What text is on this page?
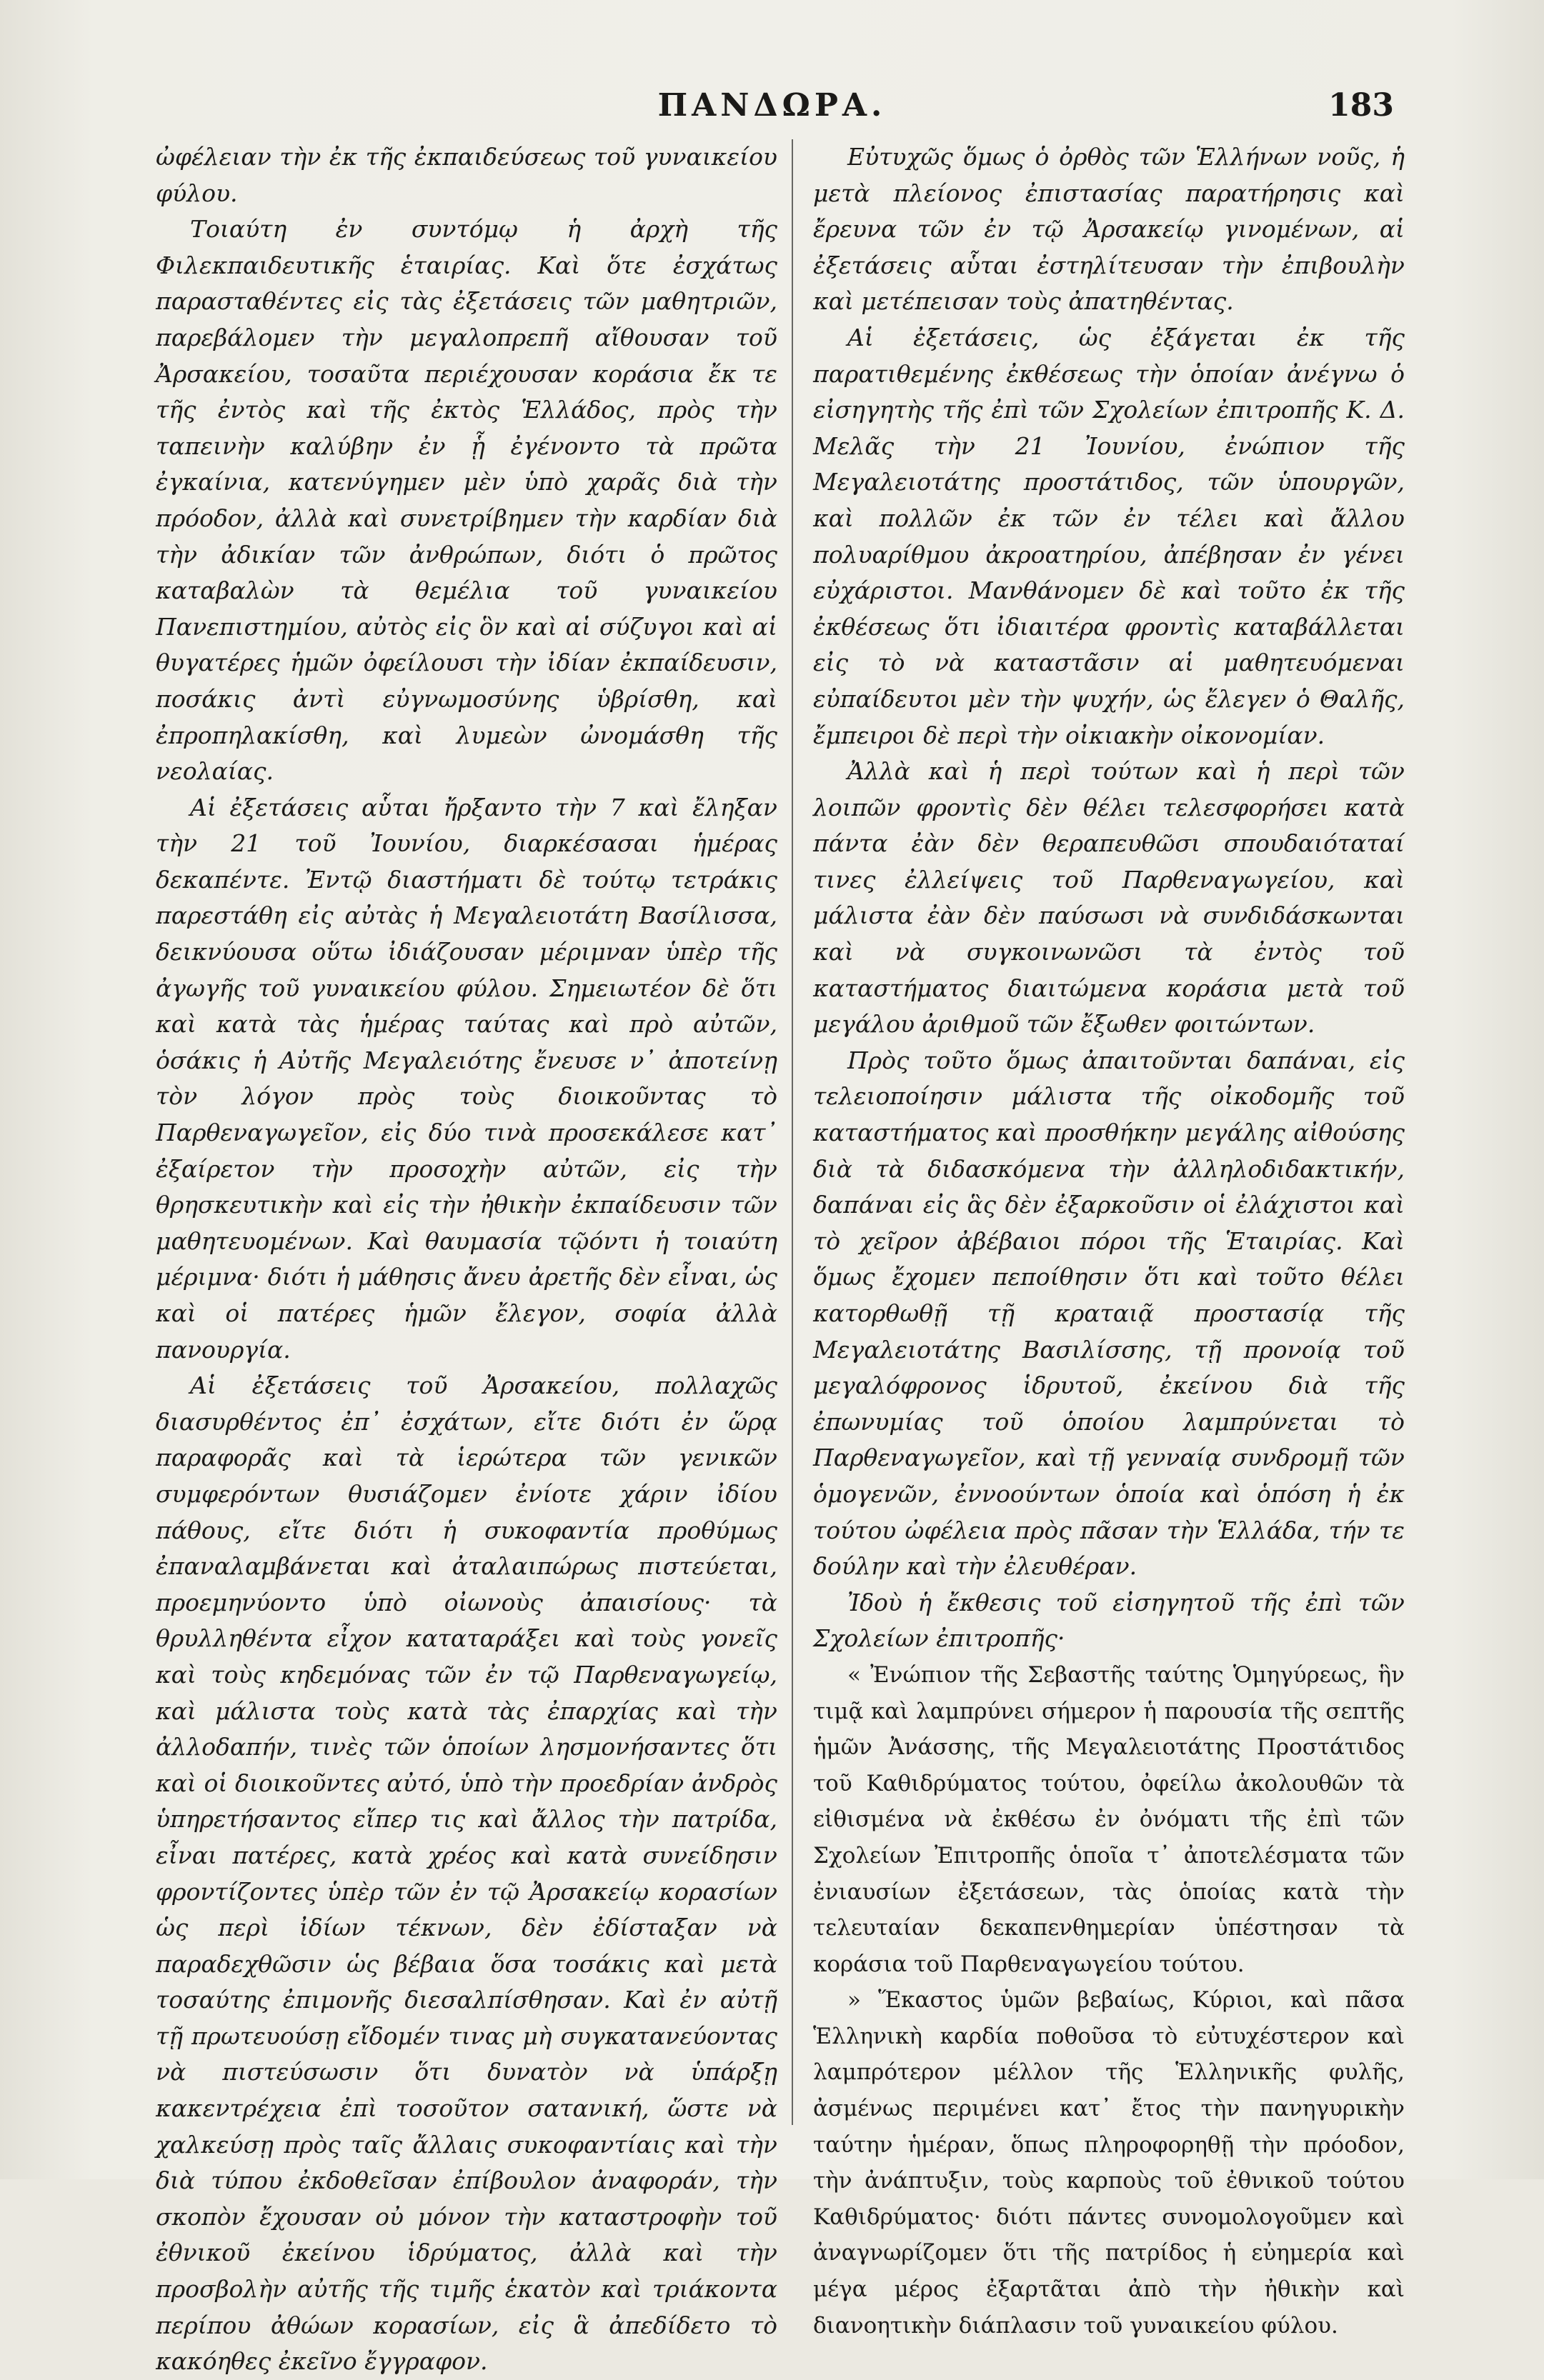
ΠΑΝΔΩΡΑ.	183

ὠφέλειαν τὴν ἐκ τῆς ἐκπαιδεύσεως τοῦ γυναικείου φύλου.

Τοιαύτη ἐν συντόμῳ ἡ ἀρχὴ τῆς Φιλεκπαιδευτικῆς ἑταιρίας. Καὶ ὅτε ἐσχάτως παρασταθέντες εἰς τὰς ἐξετάσεις τῶν μαθητριῶν, παρεβάλομεν τὴν μεγαλοπρεπῆ αἴθουσαν τοῦ Ἀρσακείου, τοσαῦτα περιέχουσαν κοράσια ἔκ τε τῆς ἐντὸς καὶ τῆς ἐκτὸς Ἑλλάδος, πρὸς τὴν ταπεινὴν καλύβην ἐν ᾗ ἐγένοντο τὰ πρῶτα ἐγκαίνια, κατενύγημεν μὲν ὑπὸ χαρᾶς διὰ τὴν πρόοδον, ἀλλὰ καὶ συνετρίβημεν τὴν καρδίαν διὰ τὴν ἀδικίαν τῶν ἀνθρώπων, διότι ὁ πρῶτος καταβαλὼν τὰ θεμέλια τοῦ γυναικείου Πανεπιστημίου, αὐτὸς εἰς ὃν καὶ αἱ σύζυγοι καὶ αἱ θυγατέρες ἡμῶν ὀφείλουσι τὴν ἰδίαν ἐκπαίδευσιν, ποσάκις ἀντὶ εὐγνωμοσύνης ὑβρίσθη, καὶ ἐπροπηλακίσθη, καὶ λυμεὼν ὠνομάσθη τῆς νεολαίας.

Αἱ ἐξετάσεις αὗται ἤρξαντο τὴν 7 καὶ ἔληξαν τὴν 21 τοῦ Ἰουνίου, διαρκέσασαι ἡμέρας δεκαπέντε. Ἐντῷ διαστήματι δὲ τούτῳ τετράκις παρεστάθη εἰς αὐτὰς ἡ Μεγαλειοτάτη Βασίλισσα, δεικνύουσα οὕτω ἰδιάζουσαν μέριμναν ὑπὲρ τῆς ἀγωγῆς τοῦ γυναικείου φύλου. Σημειωτέον δὲ ὅτι καὶ κατὰ τὰς ἡμέρας ταύτας καὶ πρὸ αὐτῶν, ὁσάκις ἡ Αὐτῆς Μεγαλειότης ἔνευσε ν᾽ ἀποτείνῃ τὸν λόγον πρὸς τοὺς διοικοῦντας τὸ Παρθεναγωγεῖον, εἰς δύο τινὰ προσεκάλεσε κατ᾽ ἐξαίρετον τὴν προσοχὴν αὐτῶν, εἰς τὴν θρησκευτικὴν καὶ εἰς τὴν ἠθικὴν ἐκπαίδευσιν τῶν μαθητευομένων. Καὶ θαυμασία τῷόντι ἡ τοιαύτη μέριμνα· διότι ἡ μάθησις ἄνευ ἀρετῆς δὲν εἶναι, ὡς καὶ οἱ πατέρες ἡμῶν ἔλεγον, σοφία ἀλλὰ πανουργία.

Αἱ ἐξετάσεις τοῦ Ἀρσακείου, πολλαχῶς διασυρθέντος ἐπ᾽ ἐσχάτων, εἴτε διότι ἐν ὥρᾳ παραφορᾶς καὶ τὰ ἱερώτερα τῶν γενικῶν συμφερόντων θυσιάζομεν ἐνίοτε χάριν ἰδίου πάθους, εἴτε διότι ἡ συκοφαντία προθύμως ἐπαναλαμβάνεται καὶ ἀταλαιπώρως πιστεύεται, προεμηνύοντο ὑπὸ οἰωνοὺς ἀπαισίους· τὰ θρυλληθέντα εἶχον καταταράξει καὶ τοὺς γονεῖς καὶ τοὺς κηδεμόνας τῶν ἐν τῷ Παρθεναγωγείῳ, καὶ μάλιστα τοὺς κατὰ τὰς ἐπαρχίας καὶ τὴν ἀλλοδαπήν, τινὲς τῶν ὁποίων λησμονήσαντες ὅτι καὶ οἱ διοικοῦντες αὐτό, ὑπὸ τὴν προεδρίαν ἀνδρὸς ὑπηρετήσαντος εἴπερ τις καὶ ἄλλος τὴν πατρίδα, εἶναι πατέρες, κατὰ χρέος καὶ κατὰ συνείδησιν φροντίζοντες ὑπὲρ τῶν ἐν τῷ Ἀρσακείῳ κορασίων ὡς περὶ ἰδίων τέκνων, δὲν ἐδίσταξαν νὰ παραδεχθῶσιν ὡς βέβαια ὅσα τοσάκις καὶ μετὰ τοσαύτης ἐπιμονῆς διεσαλπίσθησαν. Καὶ ἐν αὐτῇ τῇ πρωτευούσῃ εἴδομέν τινας μὴ συγκατανεύοντας νὰ πιστεύσωσιν ὅτι δυνατὸν νὰ ὑπάρξῃ κακεντρέχεια ἐπὶ τοσοῦτον σατανική, ὥστε νὰ χαλκεύσῃ πρὸς ταῖς ἄλλαις συκοφαντίαις καὶ τὴν διὰ τύπου ἐκδοθεῖσαν ἐπίβουλον ἀναφοράν, τὴν σκοπὸν ἔχουσαν οὐ μόνον τὴν καταστροφὴν τοῦ ἐθνικοῦ ἐκείνου ἱδρύματος, ἀλλὰ καὶ τὴν προσβολὴν αὐτῆς τῆς τιμῆς ἑκατὸν καὶ τριάκοντα περίπου ἀθώων κορασίων, εἰς ἃ ἀπεδίδετο τὸ κακόηθες ἐκεῖνο ἔγγραφον.

Εὐτυχῶς ὅμως ὁ ὀρθὸς τῶν Ἑλλήνων νοῦς, ἡ μετὰ πλείονος ἐπιστασίας παρατήρησις καὶ ἔρευνα τῶν ἐν τῷ Ἀρσακείῳ γινομένων, αἱ ἐξετάσεις αὗται ἐστηλίτευσαν τὴν ἐπιβουλὴν καὶ μετέπεισαν τοὺς ἀπατηθέντας.

Αἱ ἐξετάσεις, ὡς ἐξάγεται ἐκ τῆς παρατιθεμένης ἐκθέσεως τὴν ὁποίαν ἀνέγνω ὁ εἰσηγητὴς τῆς ἐπὶ τῶν Σχολείων ἐπιτροπῆς Κ. Δ. Μελᾶς τὴν 21 Ἰουνίου, ἐνώπιον τῆς Μεγαλειοτάτης προστάτιδος, τῶν ὑπουργῶν, καὶ πολλῶν ἐκ τῶν ἐν τέλει καὶ ἄλλου πολυαρίθμου ἀκροατηρίου, ἀπέβησαν ἐν γένει εὐχάριστοι. Μανθάνομεν δὲ καὶ τοῦτο ἐκ τῆς ἐκθέσεως ὅτι ἰδιαιτέρα φροντὶς καταβάλλεται εἰς τὸ νὰ καταστᾶσιν αἱ μαθητευόμεναι εὐπαίδευτοι μὲν τὴν ψυχήν, ὡς ἔλεγεν ὁ Θαλῆς, ἔμπειροι δὲ περὶ τὴν οἰκιακὴν οἰκονομίαν.

Ἀλλὰ καὶ ἡ περὶ τούτων καὶ ἡ περὶ τῶν λοιπῶν φροντὶς δὲν θέλει τελεσφορήσει κατὰ πάντα ἐὰν δὲν θεραπευθῶσι σπουδαιόταταί τινες ἐλλείψεις τοῦ Παρθεναγωγείου, καὶ μάλιστα ἐὰν δὲν παύσωσι νὰ συνδιδάσκωνται καὶ νὰ συγκοινωνῶσι τὰ ἐντὸς τοῦ καταστήματος διαιτώμενα κοράσια μετὰ τοῦ μεγάλου ἀριθμοῦ τῶν ἔξωθεν φοιτώντων.

Πρὸς τοῦτο ὅμως ἀπαιτοῦνται δαπάναι, εἰς τελειοποίησιν μάλιστα τῆς οἰκοδομῆς τοῦ καταστήματος καὶ προσθήκην μεγάλης αἰθούσης διὰ τὰ διδασκόμενα τὴν ἀλληλοδιδακτικήν, δαπάναι εἰς ἃς δὲν ἐξαρκοῦσιν οἱ ἐλάχιστοι καὶ τὸ χεῖρον ἀβέβαιοι πόροι τῆς Ἑταιρίας. Καὶ ὅμως ἔχομεν πεποίθησιν ὅτι καὶ τοῦτο θέλει κατορθωθῇ τῇ κραταιᾷ προστασίᾳ τῆς Μεγαλειοτάτης Βασιλίσσης, τῇ προνοίᾳ τοῦ μεγαλόφρονος ἱδρυτοῦ, ἐκείνου διὰ τῆς ἐπωνυμίας τοῦ ὁποίου λαμπρύνεται τὸ Παρθεναγωγεῖον, καὶ τῇ γενναίᾳ συνδρομῇ τῶν ὁμογενῶν, ἐννοούντων ὁποία καὶ ὁπόση ἡ ἐκ τούτου ὠφέλεια πρὸς πᾶσαν τὴν Ἑλλάδα, τήν τε δούλην καὶ τὴν ἐλευθέραν.

Ἰδοὺ ἡ ἔκθεσις τοῦ εἰσηγητοῦ τῆς ἐπὶ τῶν Σχολείων ἐπιτροπῆς·

« Ἐνώπιον τῆς Σεβαστῆς ταύτης Ὁμηγύρεως, ἣν τιμᾷ καὶ λαμπρύνει σήμερον ἡ παρουσία τῆς σεπτῆς ἡμῶν Ἀνάσσης, τῆς Μεγαλειοτάτης Προστάτιδος τοῦ Καθιδρύματος τούτου, ὀφείλω ἀκολουθῶν τὰ εἰθισμένα νὰ ἐκθέσω ἐν ὀνόματι τῆς ἐπὶ τῶν Σχολείων Ἐπιτροπῆς ὁποῖα τ᾽ ἀποτελέσματα τῶν ἐνιαυσίων ἐξετάσεων, τὰς ὁποίας κατὰ τὴν τελευταίαν δεκαπενθημερίαν ὑπέστησαν τὰ κοράσια τοῦ Παρθεναγωγείου τούτου.

» Ἕκαστος ὑμῶν βεβαίως, Κύριοι, καὶ πᾶσα Ἑλληνικὴ καρδία ποθοῦσα τὸ εὐτυχέστερον καὶ λαμπρότερον μέλλον τῆς Ἑλληνικῆς φυλῆς, ἀσμένως περιμένει κατ᾽ ἔτος τὴν πανηγυρικὴν ταύτην ἡμέραν, ὅπως πληροφορηθῇ τὴν πρόοδον, τὴν ἀνάπτυξιν, τοὺς καρποὺς τοῦ ἐθνικοῦ τούτου Καθιδρύματος· διότι πάντες συνομολογοῦμεν καὶ ἀναγνωρίζομεν ὅτι τῆς πατρίδος ἡ εὐημερία καὶ μέγα μέρος ἐξαρτᾶται ἀπὸ τὴν ἠθικὴν καὶ διανοητικὴν διάπλασιν τοῦ γυναικείου φύλου.
